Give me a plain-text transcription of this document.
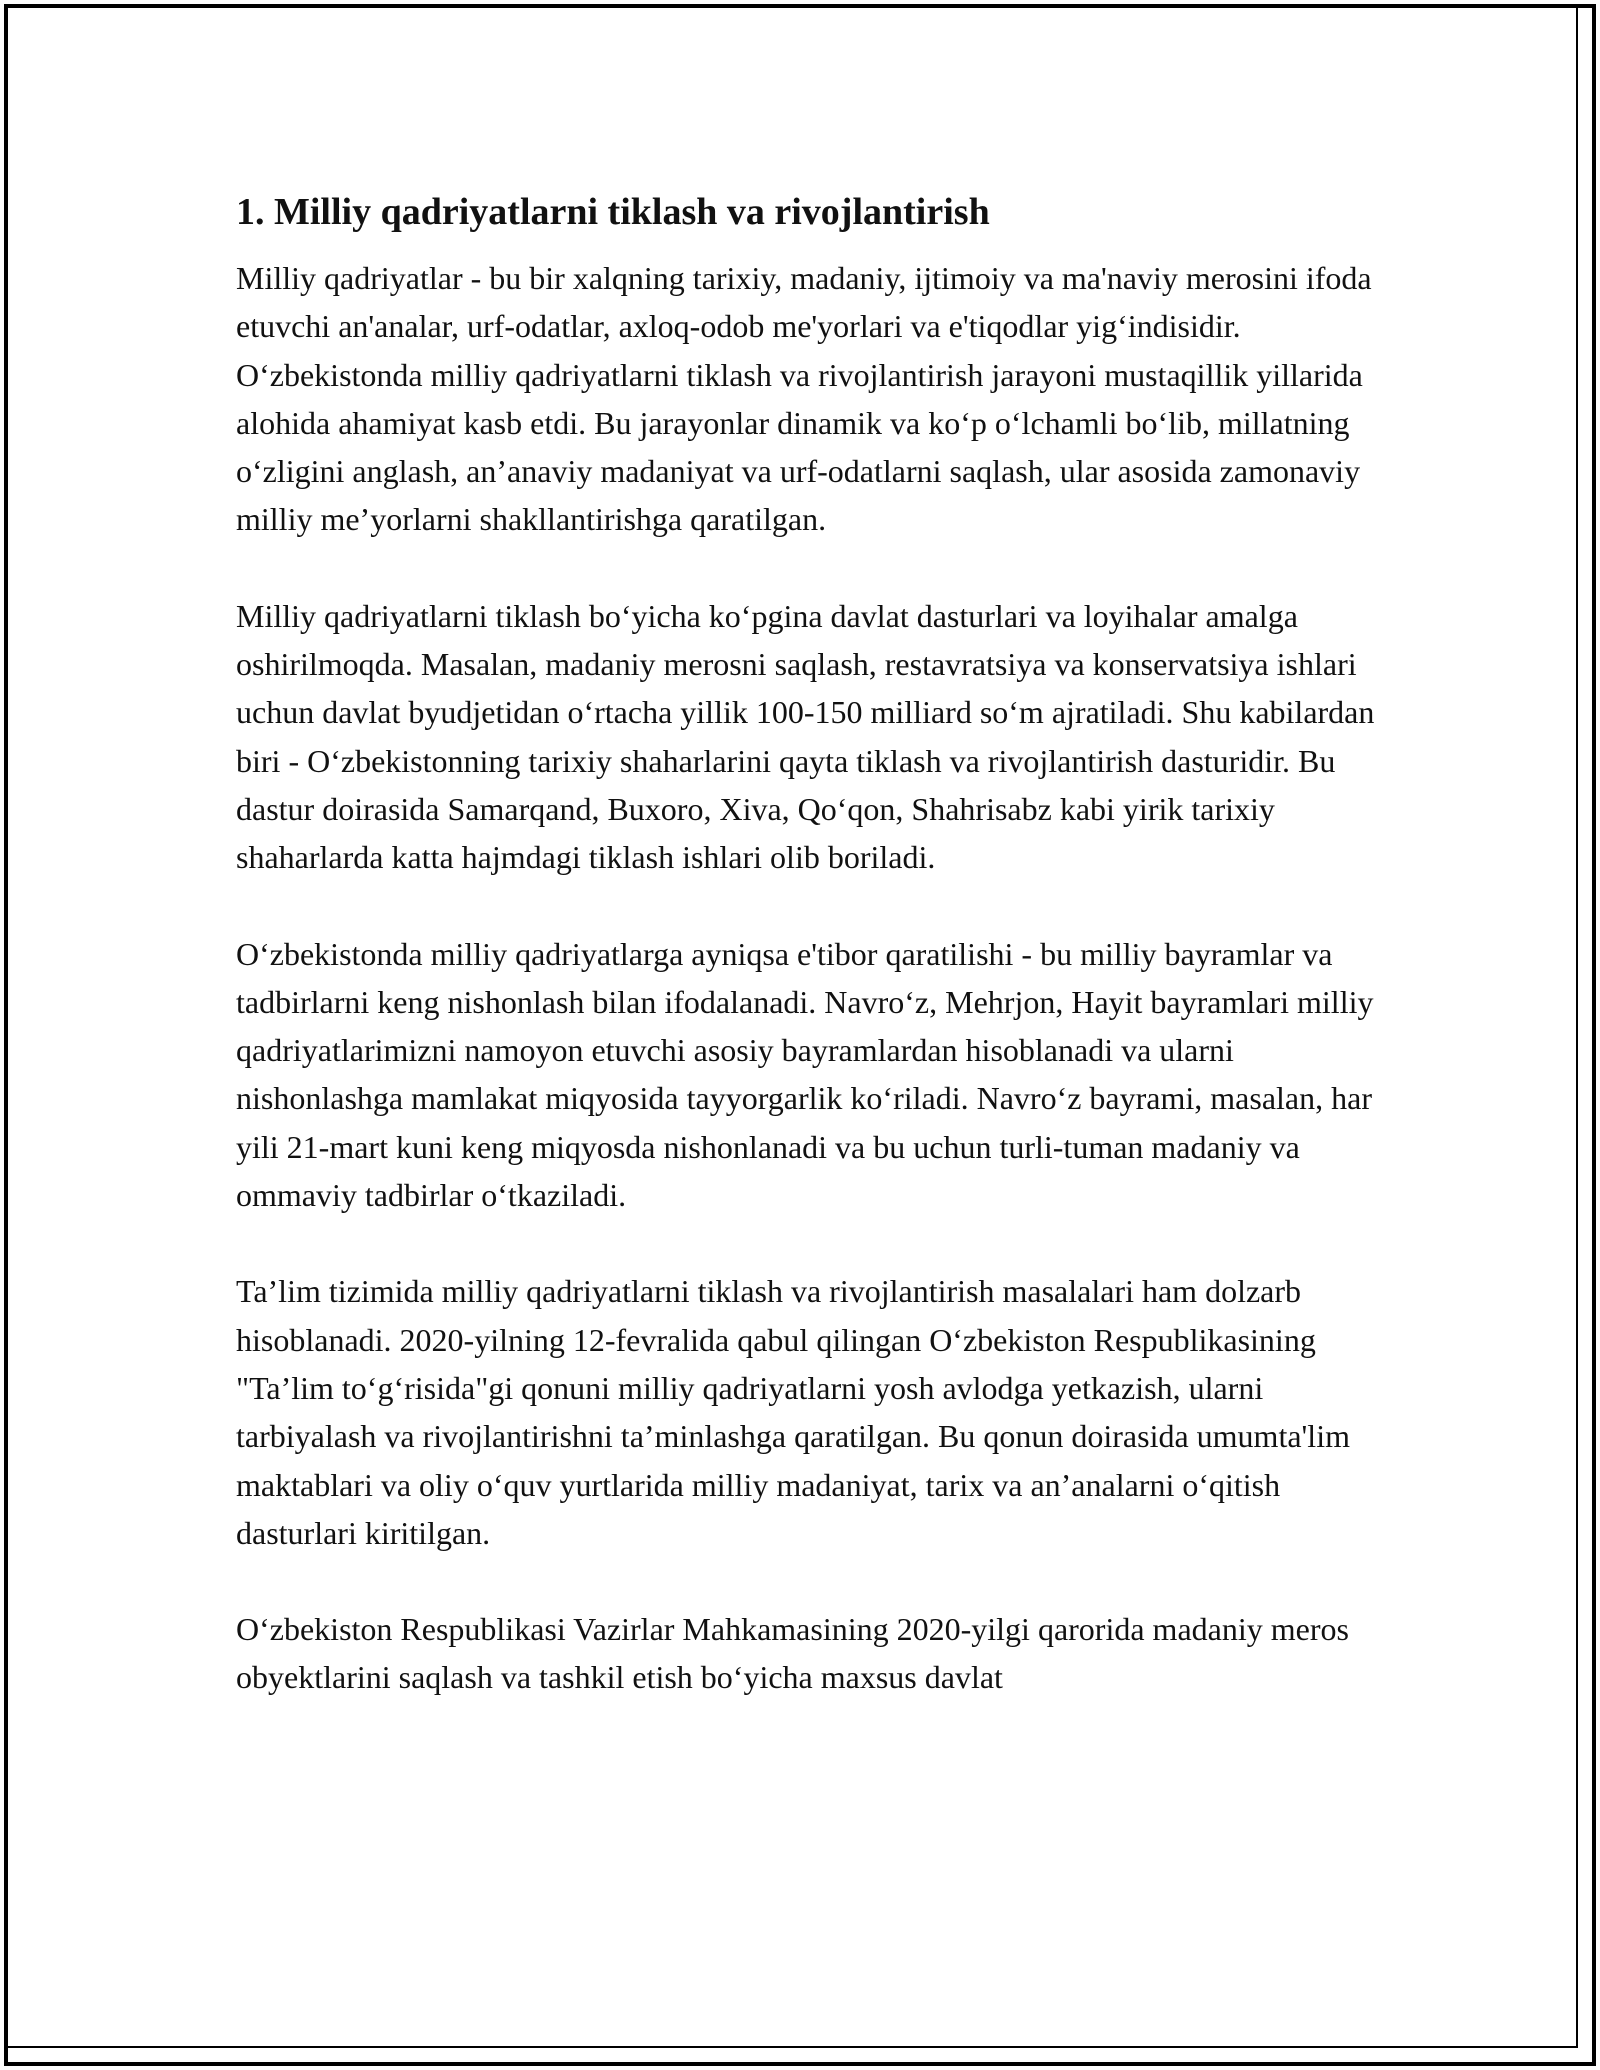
1. Milliy qadriyatlarni tiklash va rivojlantirish

Milliy qadriyatlar - bu bir xalqning tarixiy, madaniy, ijtimoiy va ma'naviy merosini ifoda etuvchi an'analar, urf-odatlar, axloq-odob me'yorlari va e'tiqodlar yig‘indisidir. O‘zbekistonda milliy qadriyatlarni tiklash va rivojlantirish jarayoni mustaqillik yillarida alohida ahamiyat kasb etdi. Bu jarayonlar dinamik va ko‘p o‘lchamli bo‘lib, millatning o‘zligini anglash, an’anaviy madaniyat va urf-odatlarni saqlash, ular asosida zamonaviy milliy me’yorlarni shakllantirishga qaratilgan.

Milliy qadriyatlarni tiklash bo‘yicha ko‘pgina davlat dasturlari va loyihalar amalga oshirilmoqda. Masalan, madaniy merosni saqlash, restavratsiya va konservatsiya ishlari uchun davlat byudjetidan o‘rtacha yillik 100-150 milliard so‘m ajratiladi. Shu kabilardan biri - O‘zbekistonning tarixiy shaharlarini qayta tiklash va rivojlantirish dasturidir. Bu dastur doirasida Samarqand, Buxoro, Xiva, Qo‘qon, Shahrisabz kabi yirik tarixiy shaharlarda katta hajmdagi tiklash ishlari olib boriladi.

O‘zbekistonda milliy qadriyatlarga ayniqsa e'tibor qaratilishi - bu milliy bayramlar va tadbirlarni keng nishonlash bilan ifodalanadi. Navro‘z, Mehrjon, Hayit bayramlari milliy qadriyatlarimizni namoyon etuvchi asosiy bayramlardan hisoblanadi va ularni nishonlashga mamlakat miqyosida tayyorgarlik ko‘riladi. Navro‘z bayrami, masalan, har yili 21-mart kuni keng miqyosda nishonlanadi va bu uchun turli-tuman madaniy va ommaviy tadbirlar o‘tkaziladi.

Ta’lim tizimida milliy qadriyatlarni tiklash va rivojlantirish masalalari ham dolzarb hisoblanadi. 2020-yilning 12-fevralida qabul qilingan O‘zbekiston Respublikasining "Ta’lim to‘g‘risida"gi qonuni milliy qadriyatlarni yosh avlodga yetkazish, ularni tarbiyalash va rivojlantirishni ta’minlashga qaratilgan. Bu qonun doirasida umumta'lim maktablari va oliy o‘quv yurtlarida milliy madaniyat, tarix va an’analarni o‘qitish dasturlari kiritilgan.

O‘zbekiston Respublikasi Vazirlar Mahkamasining 2020-yilgi qarorida madaniy meros obyektlarini saqlash va tashkil etish bo‘yicha maxsus davlat
